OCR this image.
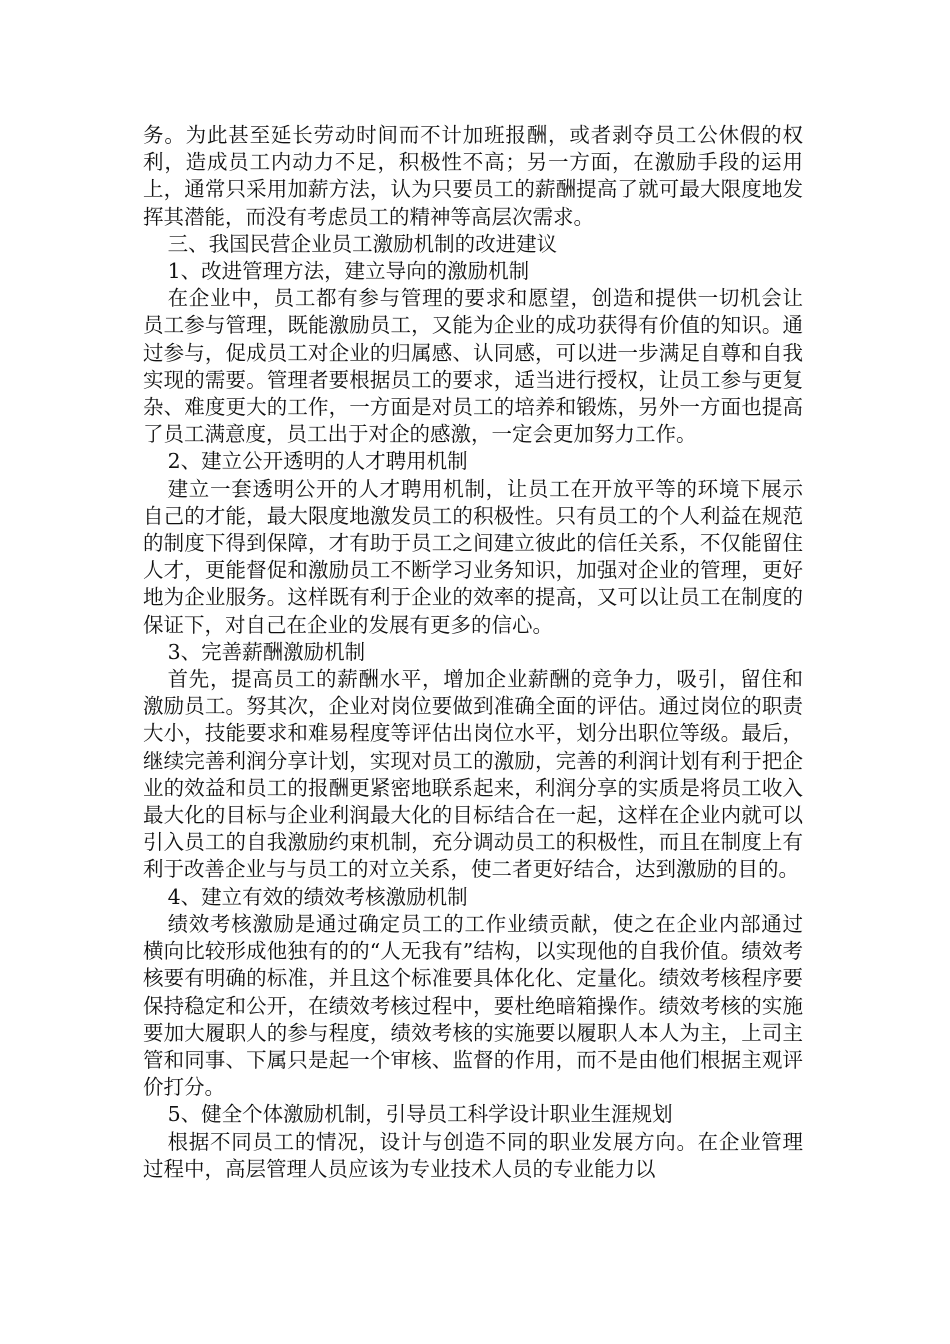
务。为此甚至延长劳动时间而不计加班报酬，或者剥夺员工公休假的权利，造成员工内动力不足，积极性不高；另一方面，在激励手段的运用上，通常只采用加薪方法，认为只要员工的薪酬提高了就可最大限度地发挥其潜能，而没有考虑员工的精神等高层次需求。

三、我国民营企业员工激励机制的改进建议

1、改进管理方法，建立导向的激励机制

在企业中，员工都有参与管理的要求和愿望，创造和提供一切机会让员工参与管理，既能激励员工，又能为企业的成功获得有价值的知识。通过参与，促成员工对企业的归属感、认同感，可以进一步满足自尊和自我实现的需要。管理者要根据员工的要求，适当进行授权，让员工参与更复杂、难度更大的工作，一方面是对员工的培养和锻炼，另外一方面也提高了员工满意度，员工出于对企的感激，一定会更加努力工作。

2、建立公开透明的人才聘用机制

建立一套透明公开的人才聘用机制，让员工在开放平等的环境下展示自己的才能，最大限度地激发员工的积极性。只有员工的个人利益在规范的制度下得到保障，才有助于员工之间建立彼此的信任关系，不仅能留住人才，更能督促和激励员工不断学习业务知识，加强对企业的管理，更好地为企业服务。这样既有利于企业的效率的提高，又可以让员工在制度的保证下，对自己在企业的发展有更多的信心。

3、完善薪酬激励机制

首先，提高员工的薪酬水平，增加企业薪酬的竞争力，吸引，留住和激励员工。努其次，企业对岗位要做到准确全面的评估。通过岗位的职责大小，技能要求和难易程度等评估出岗位水平，划分出职位等级。最后，继续完善利润分享计划，实现对员工的激励，完善的利润计划有利于把企业的效益和员工的报酬更紧密地联系起来，利润分享的实质是将员工收入最大化的目标与企业利润最大化的目标结合在一起，这样在企业内就可以引入员工的自我激励约束机制，充分调动员工的积极性，而且在制度上有利于改善企业与与员工的对立关系，使二者更好结合，达到激励的目的。

4、建立有效的绩效考核激励机制

绩效考核激励是通过确定员工的工作业绩贡献，使之在企业内部通过横向比较形成他独有的的“人无我有”结构，以实现他的自我价值。绩效考核要有明确的标准，并且这个标准要具体化化、定量化。绩效考核程序要保持稳定和公开，在绩效考核过程中，要杜绝暗箱操作。绩效考核的实施要加大履职人的参与程度，绩效考核的实施要以履职人本人为主，上司主管和同事、下属只是起一个审核、监督的作用，而不是由他们根据主观评价打分。

5、健全个体激励机制，引导员工科学设计职业生涯规划

根据不同员工的情况，设计与创造不同的职业发展方向。在企业管理过程中，高层管理人员应该为专业技术人员的专业能力以
